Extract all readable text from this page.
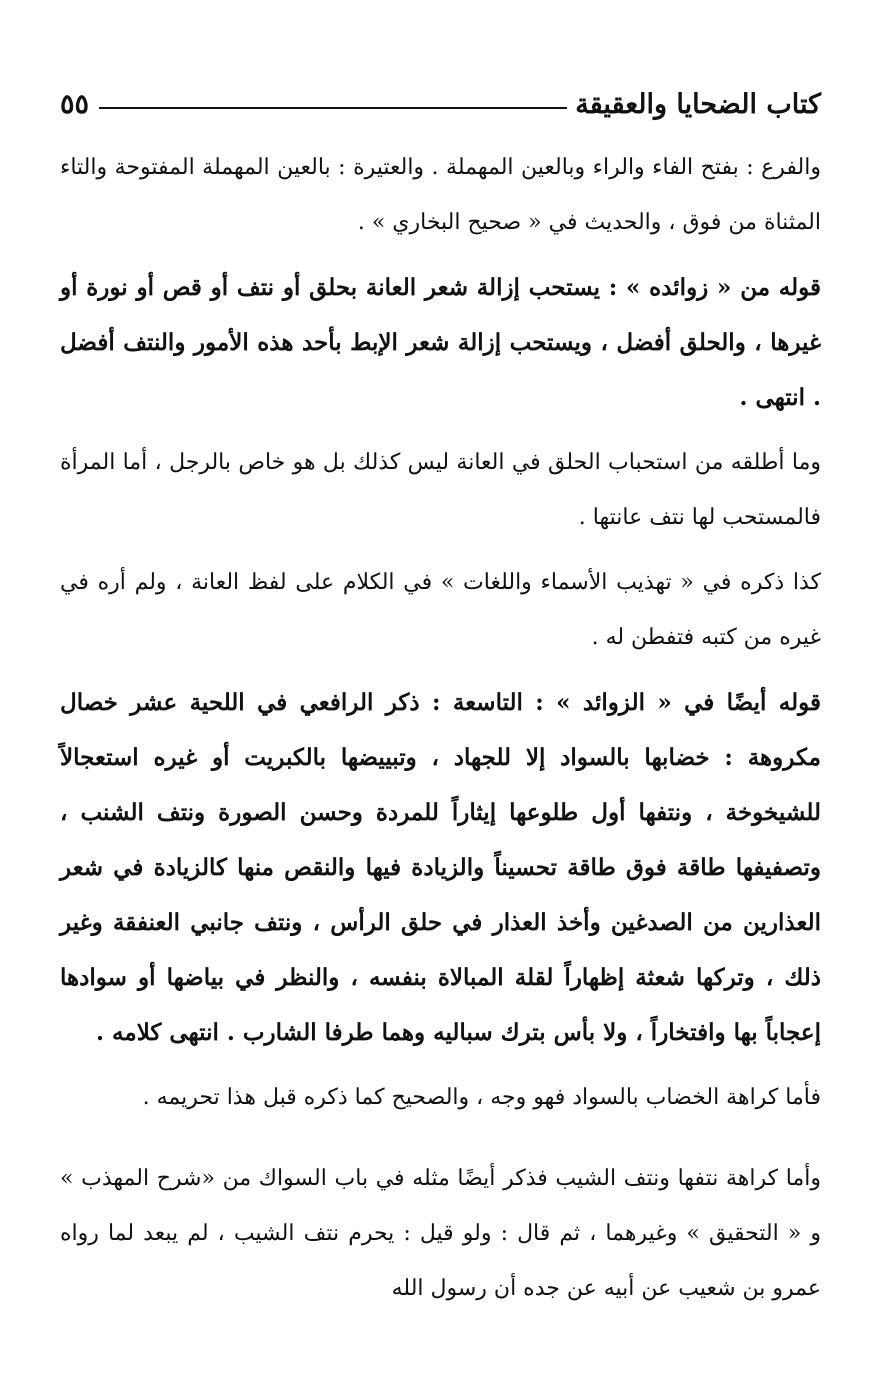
كتاب الضحايا والعقيقة
٥٥

والفرع : بفتح الفاء والراء وبالعين المهملة . والعتيرة : بالعين المهملة المفتوحة والتاء المثناة من فوق ، والحديث في « صحيح البخاري » .

قوله من « زوائده » : يستحب إزالة شعر العانة بحلق أو نتف أو قص أو نورة أو غيرها ، والحلق أفضل ، ويستحب إزالة شعر الإبط بأحد هذه الأمور والنتف أفضل . انتهى .

وما أطلقه من استحباب الحلق في العانة ليس كذلك بل هو خاص بالرجل ، أما المرأة فالمستحب لها نتف عانتها .

كذا ذكره في « تهذيب الأسماء واللغات » في الكلام على لفظ العانة ، ولم أره في غيره من كتبه فتفطن له .

قوله أيضًا في « الزوائد » : التاسعة : ذكر الرافعي في اللحية عشر خصال مكروهة : خضابها بالسواد إلا للجهاد ، وتبييضها بالكبريت أو غيره استعجالاً للشيخوخة ، ونتفها أول طلوعها إيثاراً للمردة وحسن الصورة ونتف الشنب ، وتصفيفها طاقة فوق طاقة تحسيناً والزيادة فيها والنقص منها كالزيادة في شعر العذارين من الصدغين وأخذ العذار في حلق الرأس ، ونتف جانبي العنفقة وغير ذلك ، وتركها شعثة إظهاراً لقلة المبالاة بنفسه ، والنظر في بياضها أو سوادها إعجاباً بها وافتخاراً ، ولا بأس بترك سباليه وهما طرفا الشارب . انتهى كلامه .

فأما كراهة الخضاب بالسواد فهو وجه ، والصحيح كما ذكره قبل هذا تحريمه .

وأما كراهة نتفها ونتف الشيب فذكر أيضًا مثله في باب السواك من «شرح المهذب » و « التحقيق » وغيرهما ، ثم قال : ولو قيل : يحرم نتف الشيب ، لم يبعد لما رواه عمرو بن شعيب عن أبيه عن جده أن رسول الله
